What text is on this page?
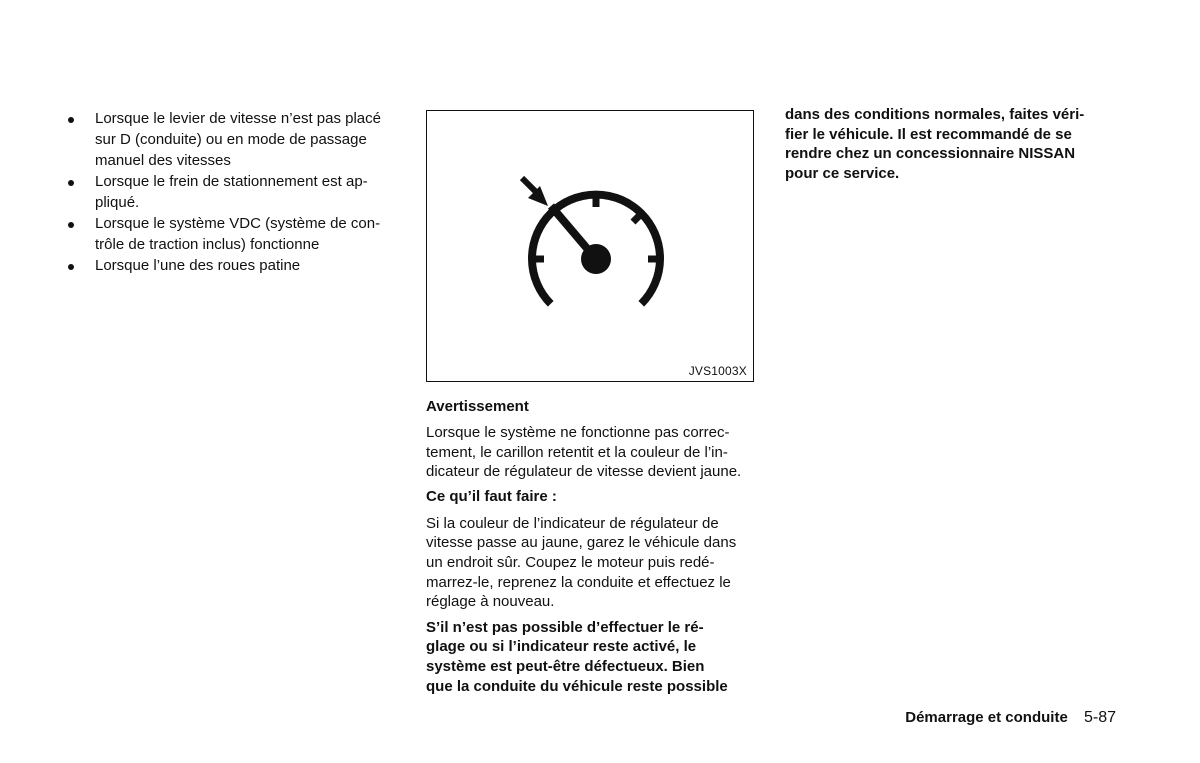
Lorsque le levier de vitesse n’est pas placé
sur D (conduite) ou en mode de passage
manuel des vitesses
Lorsque le frein de stationnement est ap-
pliqué.
Lorsque le système VDC (système de con-
trôle de traction inclus) fonctionne
Lorsque l’une des roues patine
JVS1003X

Avertissement

Lorsque le système ne fonctionne pas correc-
tement, le carillon retentit et la couleur de l’in-
dicateur de régulateur de vitesse devient jaune.

Ce qu’il faut faire :

Si la couleur de l’indicateur de régulateur de
vitesse passe au jaune, garez le véhicule dans
un endroit sûr. Coupez le moteur puis redé-
marrez-le, reprenez la conduite et effectuez le
réglage à nouveau.

S’il n’est pas possible d’effectuer le ré-
glage ou si l’indicateur reste activé, le
système est peut-être défectueux. Bien
que la conduite du véhicule reste possible

dans des conditions normales, faites véri-
fier le véhicule. Il est recommandé de se
rendre chez un concessionnaire NISSAN
pour ce service.

Démarrage et conduite 5-87
